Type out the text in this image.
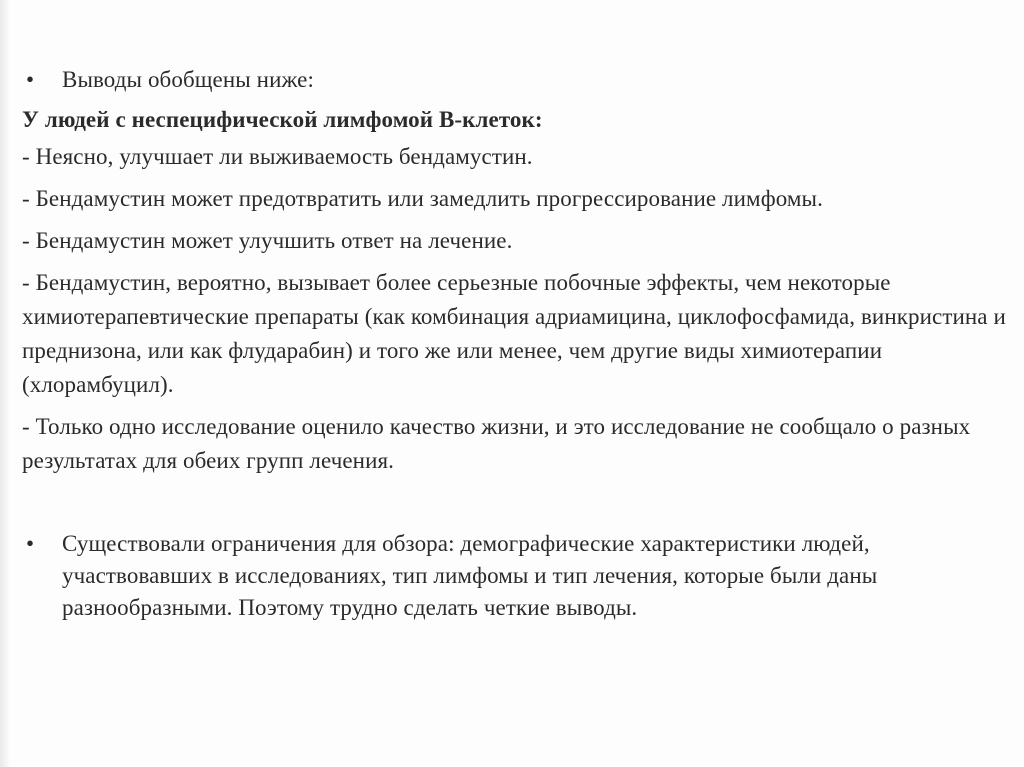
• Выводы обобщены ниже:
У людей с неспецифической лимфомой В-клеток:
- Неясно, улучшает ли выживаемость бендамустин.
- Бендамустин может предотвратить или замедлить прогрессирование лимфомы.
- Бендамустин может улучшить ответ на лечение.
- Бендамустин, вероятно, вызывает более серьезные побочные эффекты, чем некоторые химиотерапевтические препараты (как комбинация адриамицина, циклофосфамида, винкристина и преднизона, или как флударабин) и того же или менее, чем другие виды химиотерапии (хлорамбуцил).
- Только одно исследование оценило качество жизни, и это исследование не сообщало о разных результатах для обеих групп лечения.
• Существовали ограничения для обзора: демографические характеристики людей, участвовавших в исследованиях, тип лимфомы и тип лечения, которые были даны разнообразными. Поэтому трудно сделать четкие выводы.
